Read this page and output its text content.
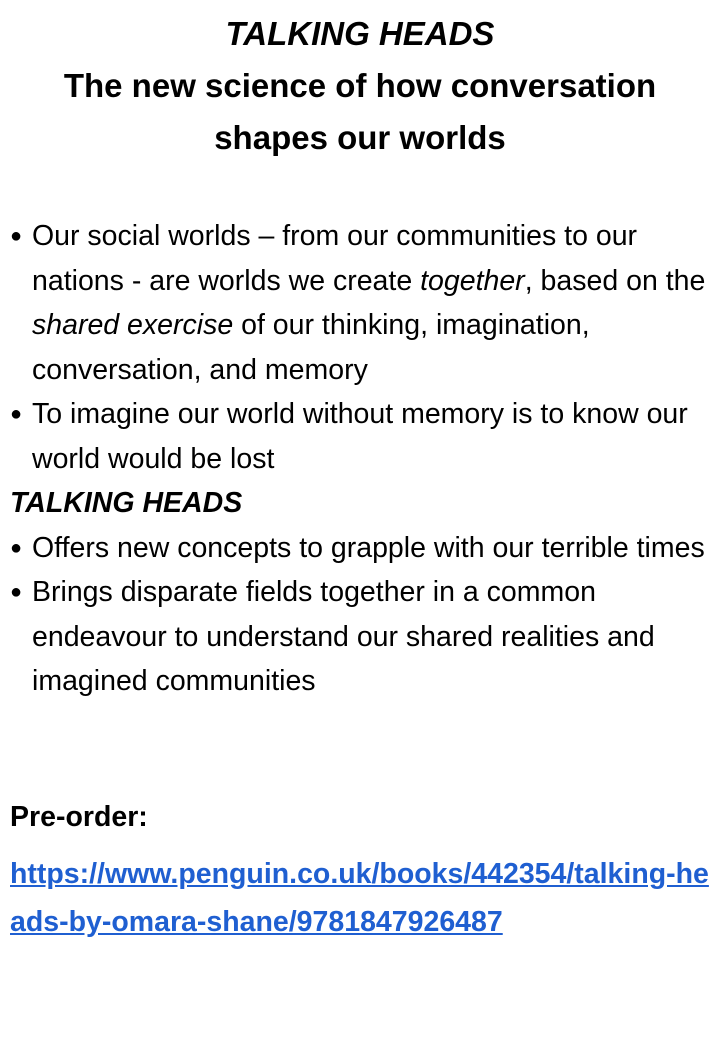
TALKING HEADS

The new science of how conversation

shapes our worlds

● Our social worlds – from our communities to our nations - are worlds we create together, based on the shared exercise of our thinking, imagination, conversation, and memory
● To imagine our world without memory is to know our world would be lost
TALKING HEADS
● Offers new concepts to grapple with our terrible times
● Brings disparate fields together in a common endeavour to understand our shared realities and imagined communities
Pre-order:
https://www.penguin.co.uk/books/442354/talking-heads-by-omara-shane/9781847926487
